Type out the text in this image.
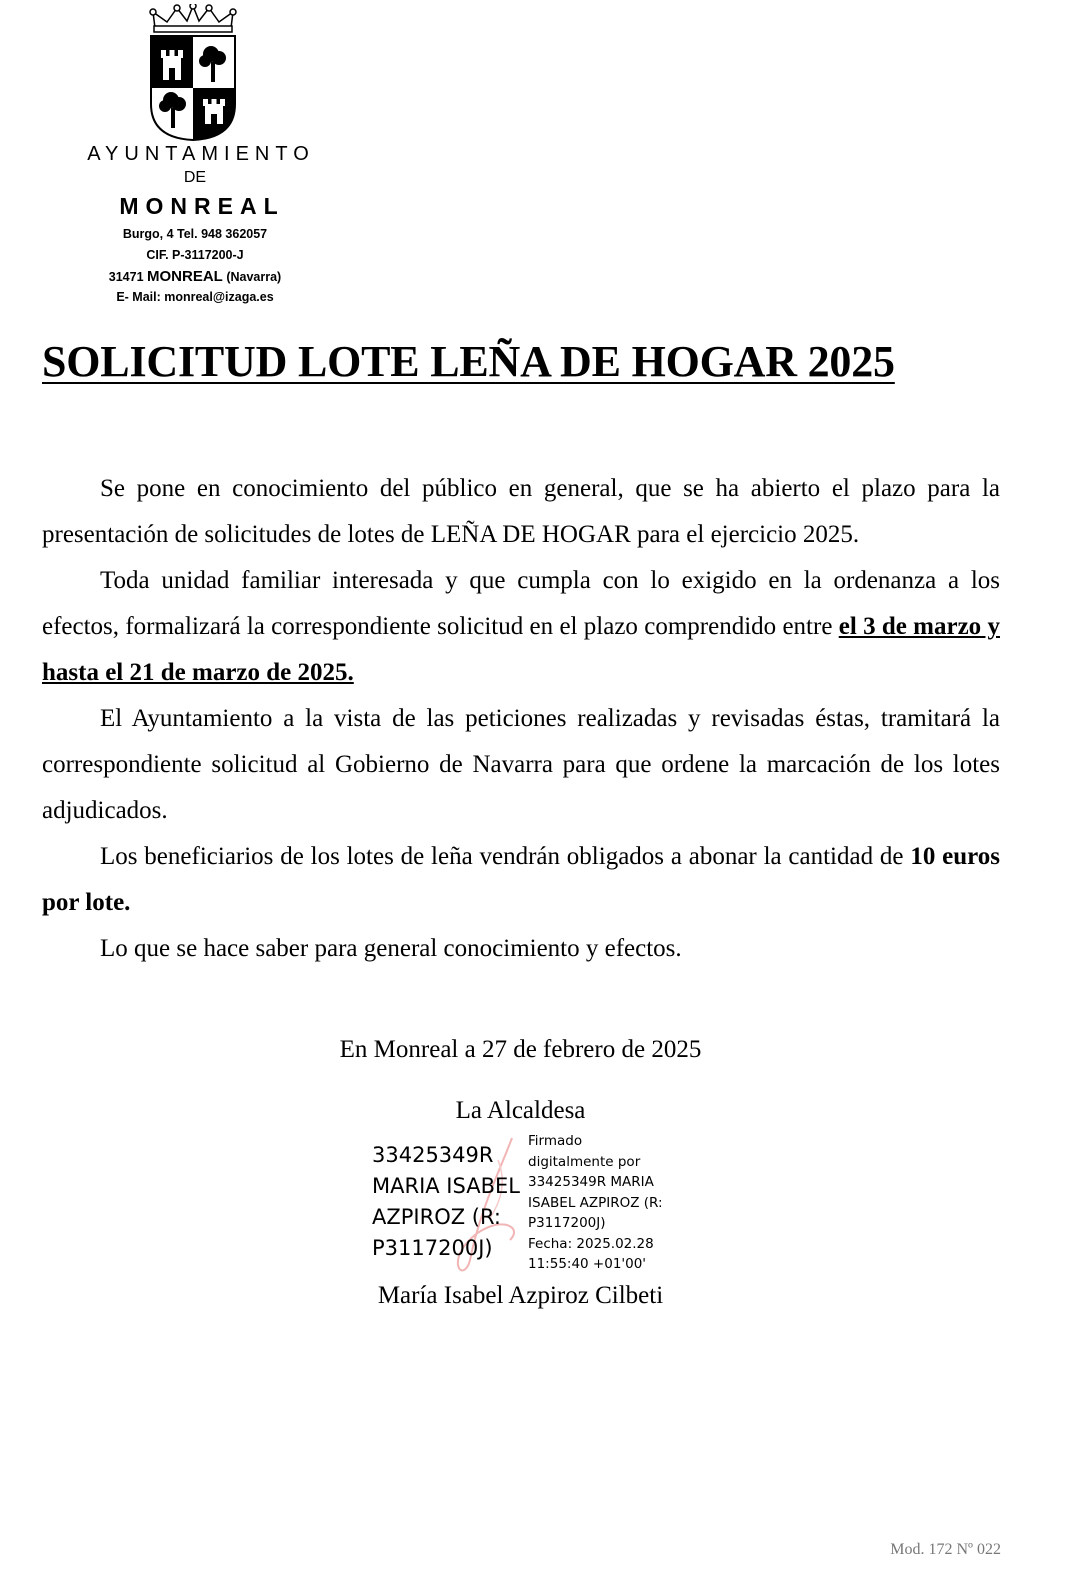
AYUNTAMIENTO
DE
MONREAL
Burgo, 4 Tel. 948 362057
CIF. P-3117200-J
31471 MONREAL (Navarra)
E- Mail: monreal@izaga.es
SOLICITUD LOTE LEÑA DE HOGAR 2025

Se pone en conocimiento del público en general, que se ha abierto el plazo para la presentación de solicitudes de lotes de LEÑA DE HOGAR para el ejercicio 2025.

Toda unidad familiar interesada y que cumpla con lo exigido en la ordenanza a los efectos, formalizará la correspondiente solicitud en el plazo comprendido entre el 3 de marzo y hasta el 21 de marzo de 2025.

El Ayuntamiento a la vista de las peticiones realizadas y revisadas éstas, tramitará la correspondiente solicitud al Gobierno de Navarra para que ordene la marcación de los lotes adjudicados.

Los beneficiarios de los lotes de leña vendrán obligados a abonar la cantidad de 10 euros por lote.

Lo que se hace saber para general conocimiento y efectos.

En Monreal a 27 de febrero de 2025
La Alcaldesa
33425349R
MARIA ISABEL
AZPIROZ (R:
P3117200J)
Firmado
digitalmente por
33425349R MARIA
ISABEL AZPIROZ (R:
P3117200J)
Fecha: 2025.02.28
11:55:40 +01'00'
María Isabel Azpiroz Cilbeti
Mod. 172 Nº 022
